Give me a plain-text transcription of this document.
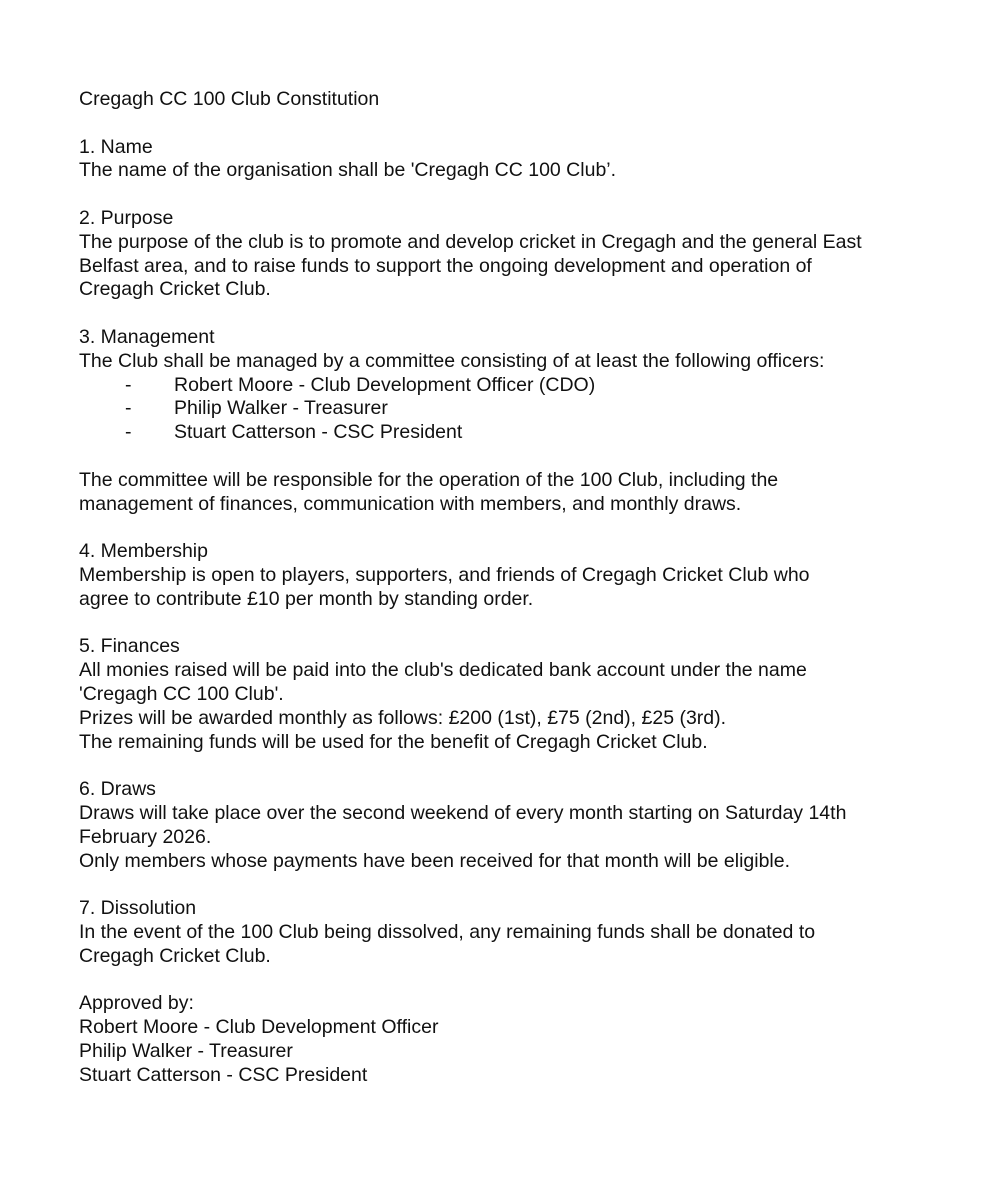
Cregagh CC 100 Club Constitution
1. Name
The name of the organisation shall be 'Cregagh CC 100 Club’.
2. Purpose
The purpose of the club is to promote and develop cricket in Cregagh and the general East
Belfast area, and to raise funds to support the ongoing development and operation of
Cregagh Cricket Club.
3. Management
The Club shall be managed by a committee consisting of at least the following officers:
- Robert Moore - Club Development Officer (CDO)
- Philip Walker - Treasurer
- Stuart Catterson - CSC President
The committee will be responsible for the operation of the 100 Club, including the
management of finances, communication with members, and monthly draws.
4. Membership
Membership is open to players, supporters, and friends of Cregagh Cricket Club who
agree to contribute £10 per month by standing order.
5. Finances
All monies raised will be paid into the club's dedicated bank account under the name
'Cregagh CC 100 Club'.
Prizes will be awarded monthly as follows: £200 (1st), £75 (2nd), £25 (3rd).
The remaining funds will be used for the benefit of Cregagh Cricket Club.
6. Draws
Draws will take place over the second weekend of every month starting on Saturday 14th
February 2026.
Only members whose payments have been received for that month will be eligible.
7. Dissolution
In the event of the 100 Club being dissolved, any remaining funds shall be donated to
Cregagh Cricket Club.
Approved by:
Robert Moore - Club Development Officer
Philip Walker - Treasurer
Stuart Catterson - CSC President
